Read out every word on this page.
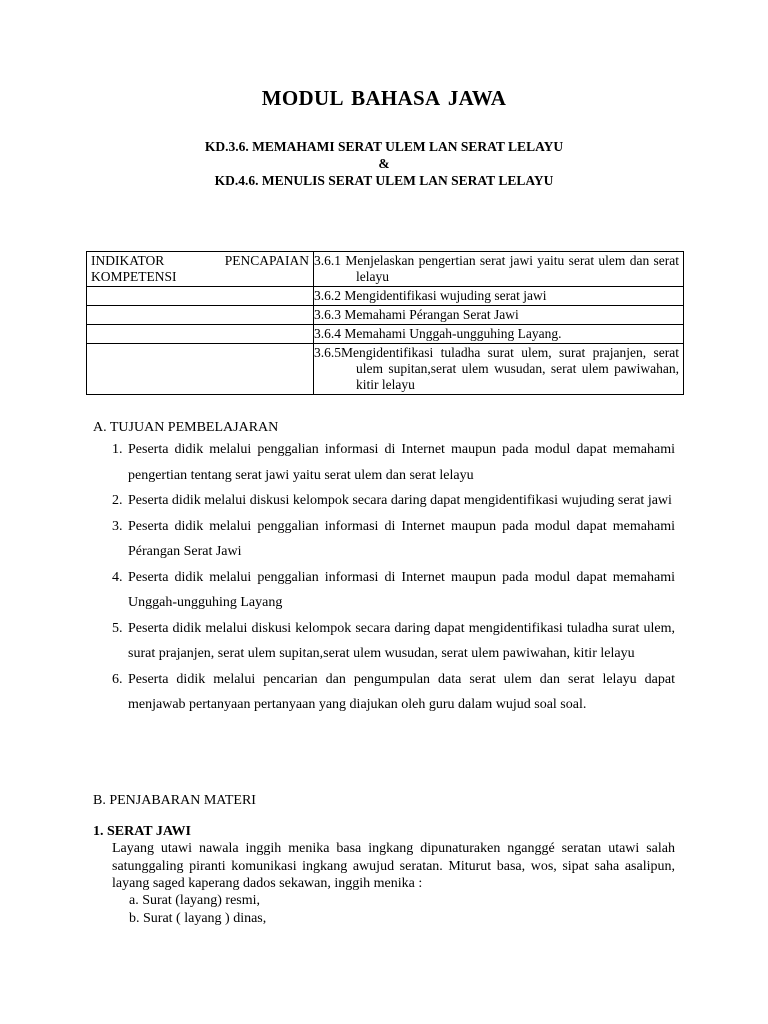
MODUL BAHASA JAWA
KD.3.6. MEMAHAMI SERAT ULEM LAN SERAT LELAYU
&
KD.4.6. MENULIS SERAT ULEM LAN SERAT LELAYU
INDIKATOR PENCAPAIAN
KOMPETENSI	3.6.1 Menjelaskan pengertian serat jawi yaitu serat ulem dan serat lelayu
	3.6.2 Mengidentifikasi wujuding serat jawi
	3.6.3 Memahami Pérangan Serat Jawi
	3.6.4 Memahami Unggah-ungguhing Layang.
	3.6.5Mengidentifikasi tuladha surat ulem, surat prajanjen, serat ulem supitan,serat ulem wusudan, serat ulem pawiwahan, kitir lelayu
A. TUJUAN PEMBELAJARAN
1. Peserta didik melalui penggalian informasi di Internet maupun pada modul dapat memahami pengertian tentang serat jawi yaitu serat ulem dan serat lelayu
2. Peserta didik melalui diskusi kelompok secara daring dapat mengidentifikasi wujuding serat jawi
3. Peserta didik melalui penggalian informasi di Internet maupun pada modul dapat memahami Pérangan Serat Jawi
4. Peserta didik melalui penggalian informasi di Internet maupun pada modul dapat memahami Unggah-ungguhing Layang
5. Peserta didik melalui diskusi kelompok secara daring dapat mengidentifikasi tuladha surat ulem, surat prajanjen, serat ulem supitan,serat ulem wusudan, serat ulem pawiwahan, kitir lelayu
6. Peserta didik melalui pencarian dan pengumpulan data serat ulem dan serat lelayu dapat menjawab pertanyaan pertanyaan yang diajukan oleh guru dalam wujud soal soal.
B. PENJABARAN MATERI
1. SERAT JAWI
Layang utawi nawala inggih menika basa ingkang dipunaturaken nganggé seratan utawi salah satunggaling piranti komunikasi ingkang awujud seratan. Miturut basa, wos, sipat saha asalipun, layang saged kaperang dados sekawan, inggih menika :
a. Surat (layang) resmi,
b. Surat ( layang ) dinas,
